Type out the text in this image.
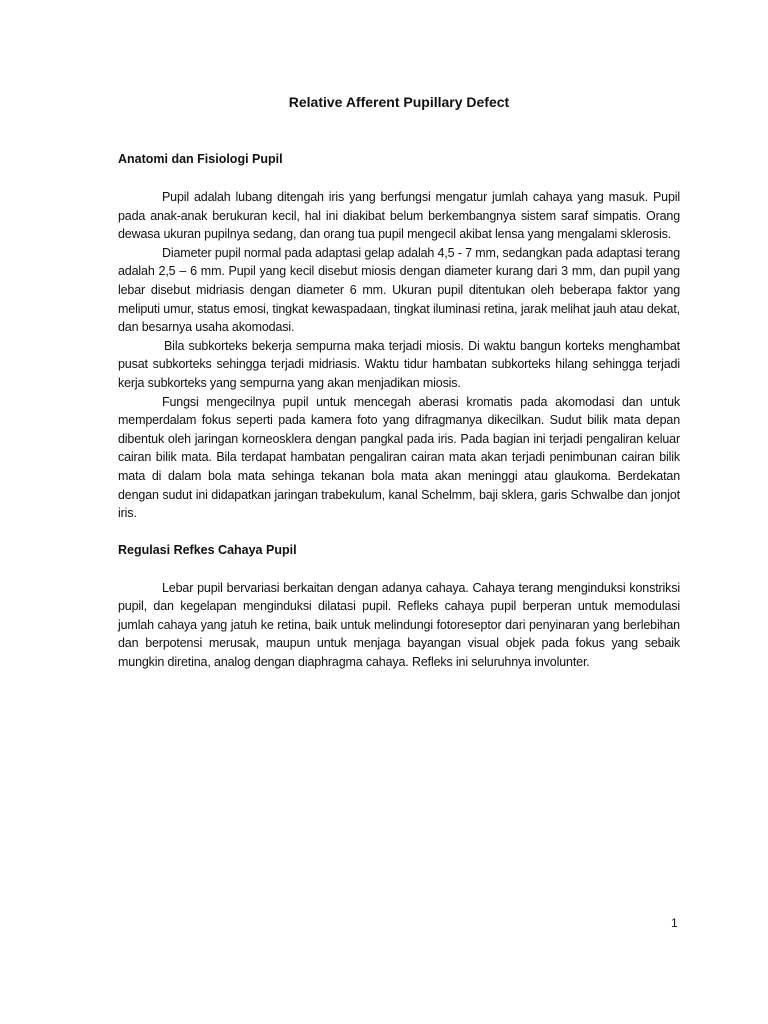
Relative Afferent Pupillary Defect
Anatomi dan Fisiologi Pupil

Pupil adalah lubang ditengah iris yang berfungsi mengatur jumlah cahaya yang masuk. Pupil pada anak-anak berukuran kecil, hal ini diakibat belum berkembangnya sistem saraf simpatis. Orang dewasa ukuran pupilnya sedang, dan orang tua pupil mengecil akibat lensa yang mengalami sklerosis.

Diameter pupil normal pada adaptasi gelap adalah 4,5 - 7 mm, sedangkan pada adaptasi terang adalah 2,5 – 6 mm. Pupil yang kecil disebut miosis dengan diameter kurang dari 3 mm, dan pupil yang lebar disebut midriasis dengan diameter 6 mm. Ukuran pupil ditentukan oleh beberapa faktor yang meliputi umur, status emosi, tingkat kewaspadaan, tingkat iluminasi retina, jarak melihat jauh atau dekat, dan besarnya usaha akomodasi.

Bila subkorteks bekerja sempurna maka terjadi miosis. Di waktu bangun korteks menghambat pusat subkorteks sehingga terjadi midriasis. Waktu tidur hambatan subkorteks hilang sehingga terjadi kerja subkorteks yang sempurna yang akan menjadikan miosis.

Fungsi mengecilnya pupil untuk mencegah aberasi kromatis pada akomodasi dan untuk memperdalam fokus seperti pada kamera foto yang difragmanya dikecilkan. Sudut bilik mata depan dibentuk oleh jaringan korneosklera dengan pangkal pada iris. Pada bagian ini terjadi pengaliran keluar cairan bilik mata. Bila terdapat hambatan pengaliran cairan mata akan terjadi penimbunan cairan bilik mata di dalam bola mata sehinga tekanan bola mata akan meninggi atau glaukoma. Berdekatan dengan sudut ini didapatkan jaringan trabekulum, kanal Schelmm, baji sklera, garis Schwalbe dan jonjot iris.

Regulasi Refkes Cahaya Pupil

Lebar pupil bervariasi berkaitan dengan adanya cahaya. Cahaya terang menginduksi konstriksi pupil, dan kegelapan menginduksi dilatasi pupil. Refleks cahaya pupil berperan untuk memodulasi jumlah cahaya yang jatuh ke retina, baik untuk melindungi fotoreseptor dari penyinaran yang berlebihan dan berpotensi merusak, maupun untuk menjaga bayangan visual objek pada fokus yang sebaik mungkin diretina, analog dengan diaphragma cahaya. Refleks ini seluruhnya involunter.

1
